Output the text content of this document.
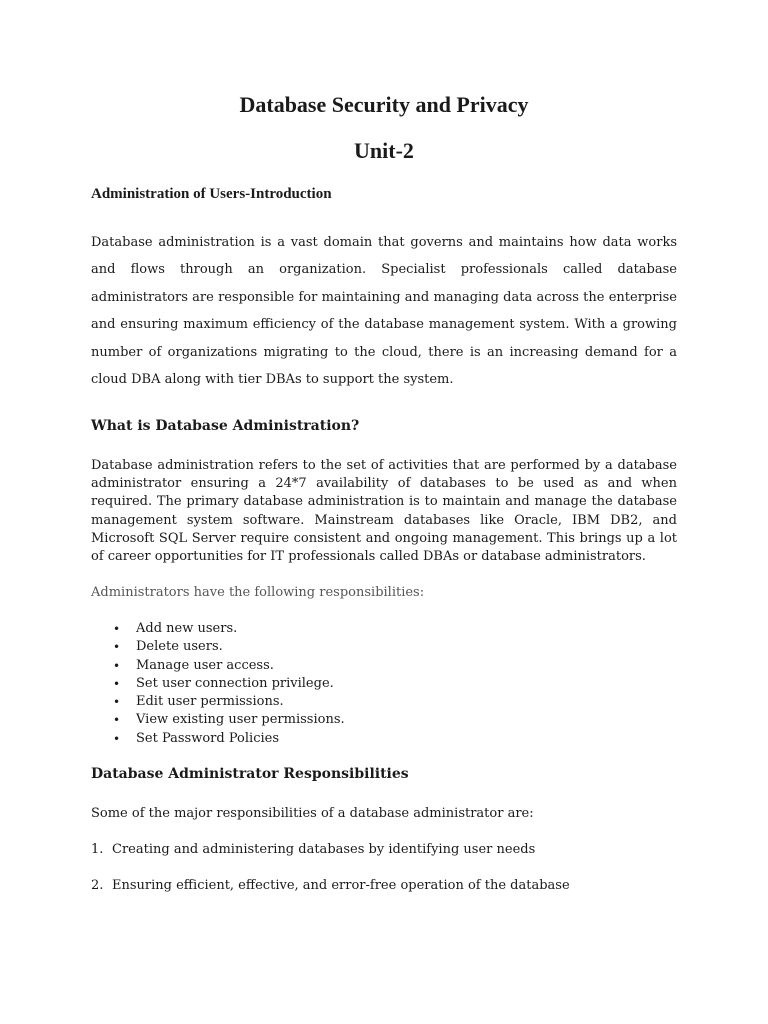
Database Security and Privacy
Unit-2
Administration of Users-Introduction

Database administration is a vast domain that governs and maintains how data works and flows through an organization. Specialist professionals called database administrators are responsible for maintaining and managing data across the enterprise and ensuring maximum efficiency of the database management system. With a growing number of organizations migrating to the cloud, there is an increasing demand for a cloud DBA along with tier DBAs to support the system.

What is Database Administration?

Database administration refers to the set of activities that are performed by a database administrator ensuring a 24*7 availability of databases to be used as and when required. The primary database administration is to maintain and manage the database management system software. Mainstream databases like Oracle, IBM DB2, and Microsoft SQL Server require consistent and ongoing management. This brings up a lot of career opportunities for IT professionals called DBAs or database administrators.

Administrators have the following responsibilities:

• Add new users.
• Delete users.
• Manage user access.
• Set user connection privilege.
• Edit user permissions.
• View existing user permissions.
• Set Password Policies
Database Administrator Responsibilities

Some of the major responsibilities of a database administrator are:

1. Creating and administering databases by identifying user needs

2. Ensuring efficient, effective, and error-free operation of the database
